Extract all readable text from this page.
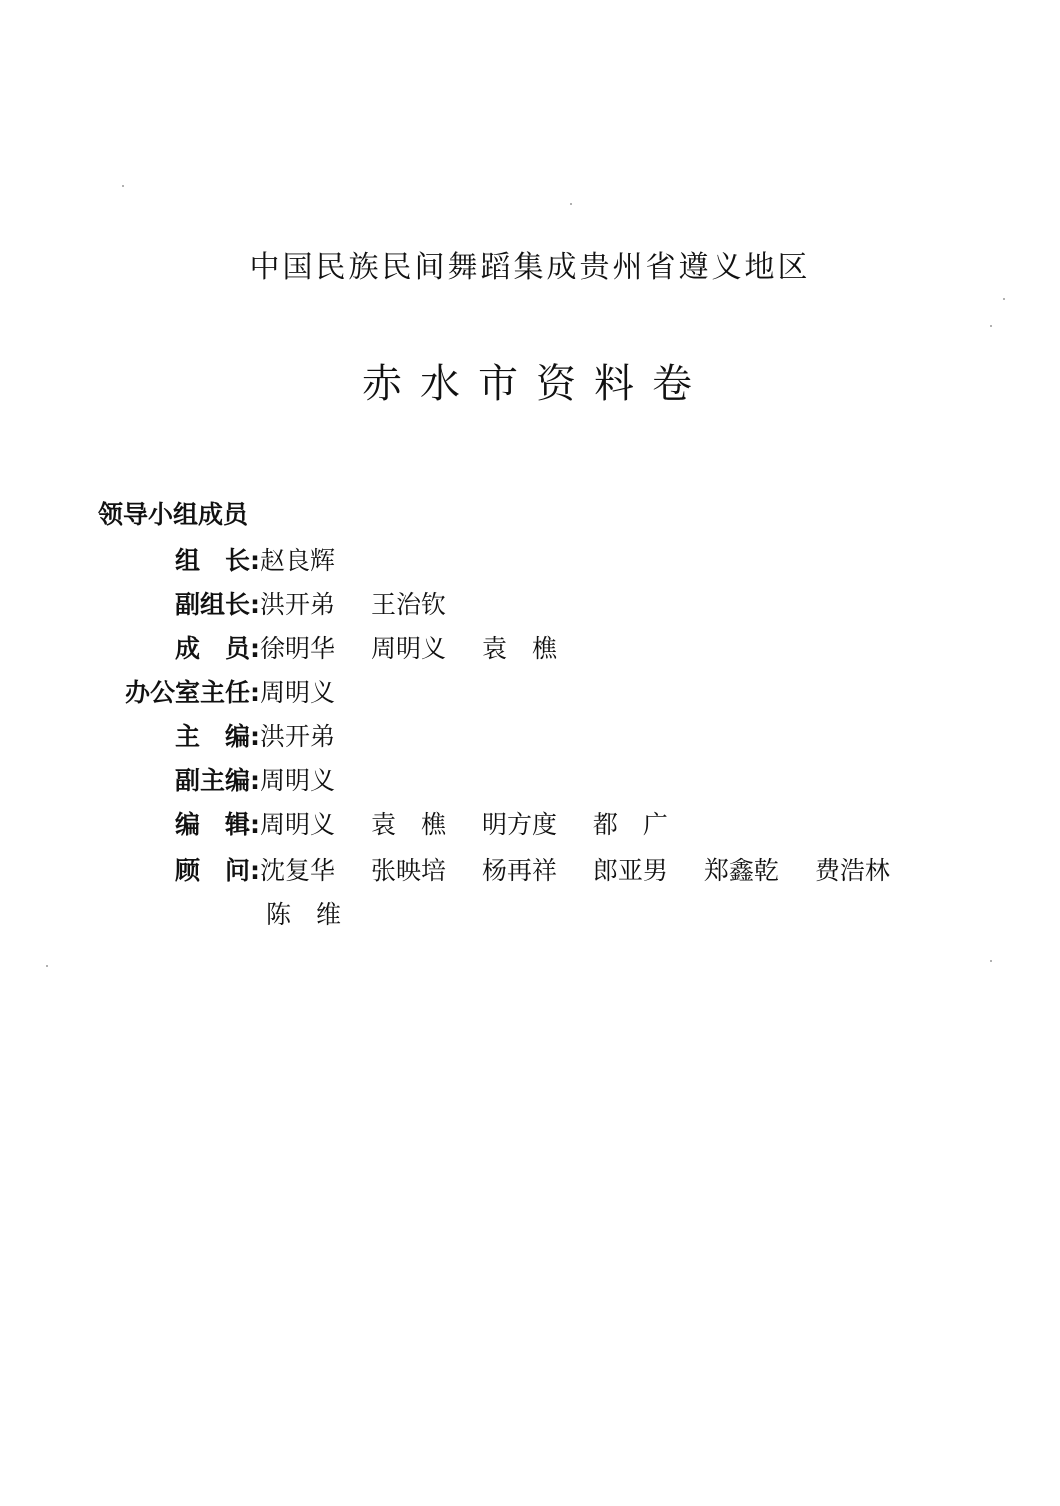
中国民族民间舞蹈集成贵州省遵义地区
赤水市资料卷
领导小组成员
组　长: 赵良辉
副组长: 洪开弟 王治钦
成　员: 徐明华 周明义 袁　樵
办公室主任: 周明义
主　编: 洪开弟
副主编: 周明义
编　辑: 周明义 袁　樵 明方度 都　广
顾　问: 沈复华 张映培 杨再祥 郎亚男 郑鑫乾 费浩林
陈　维
